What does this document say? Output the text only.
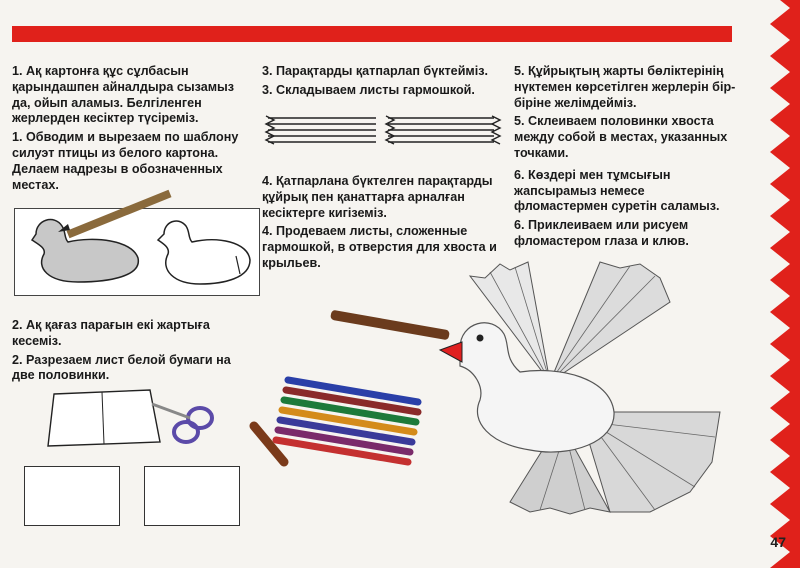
1. Ақ картонға құс сұлбасын қарындашпен айналдыра сызамыз да, ойып аламыз. Белгіленген жерлерден кесіктер түсіреміз.
1. Обводим и вырезаем по шаблону силуэт птицы из белого картона. Делаем надрезы в обозначенных местах.
2. Ақ қағаз парағын екі жартыға кесеміз.
2. Разрезаем лист белой бумаги на две половинки.
3. Парақтарды қатпарлап бүктейміз.
3. Складываем листы гармошкой.
4. Қатпарлана бүктелген парақтарды құйрық пен қанаттарға арналған кесіктерге кигіземіз.
4. Продеваем листы, сложенные гармошкой, в отверстия для хвоста и крыльев.
5. Құйрықтың жарты бөліктерінің нүктемен көрсетілген жерлерін бір-біріне желімдейміз.
5. Склеиваем половинки хвоста между собой в местах, указанных точками.
6. Көздері мен тұмсығын жапсырамыз немесе фломастермен суретін саламыз.
6. Приклеиваем или рисуем фломастером глаза и клюв.
47
